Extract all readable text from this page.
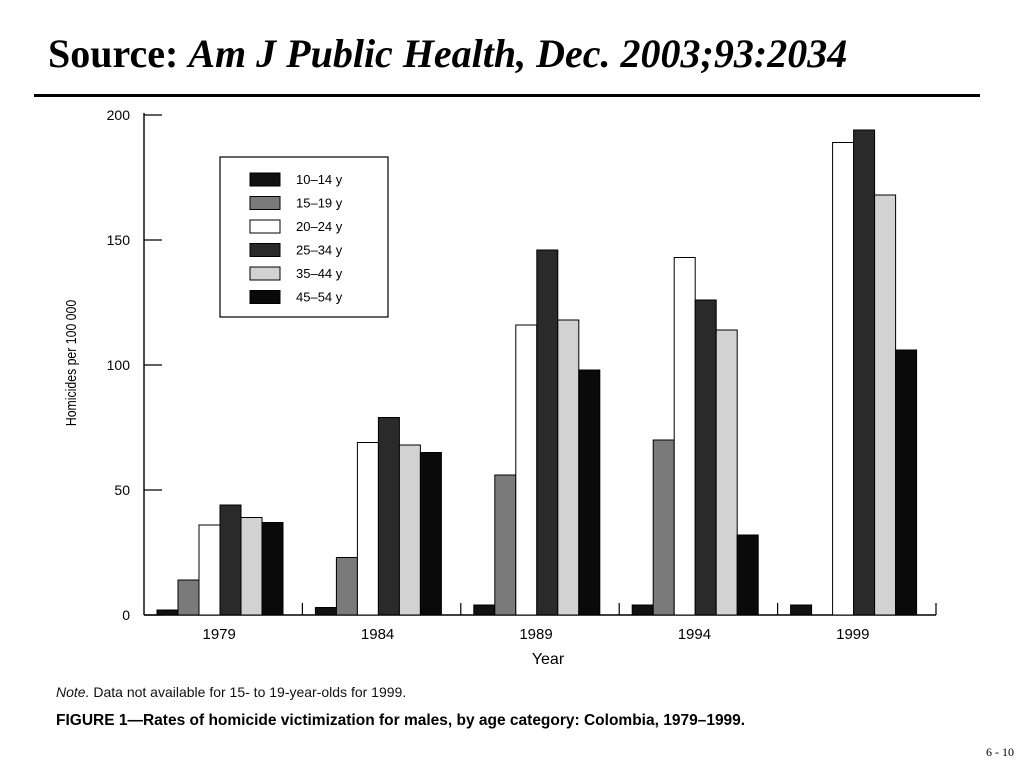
Source: Am J Public Health, Dec. 2003;93:2034
0
50
100
150
200
Homicides per 100 000
1979	1984	1989	1994	1999
Year
10–14 y
15–19 y
20–24 y
25–34 y
35–44 y
45–54 y

Note. Data not available for 15- to 19-year-olds for 1999.

FIGURE 1—Rates of homicide victimization for males, by age category: Colombia, 1979–1999.

6 - 10
